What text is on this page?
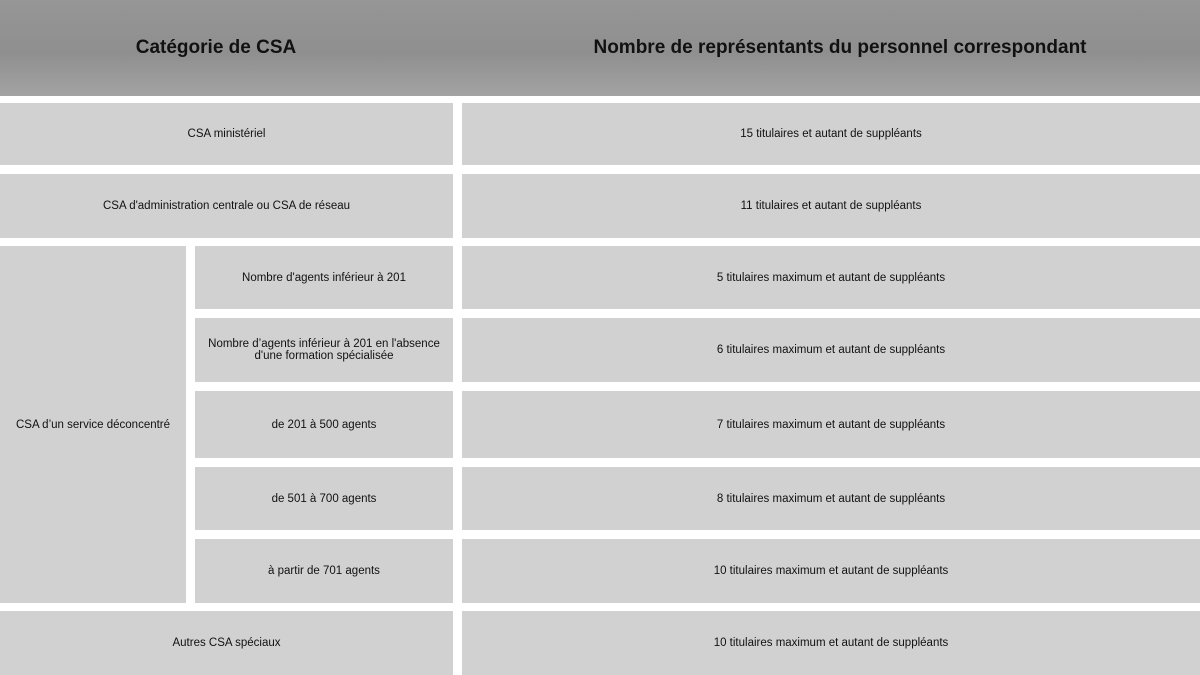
Catégorie de CSA	Nombre de représentants du personnel correspondant
CSA ministériel	15 titulaires et autant de suppléants
CSA d'administration centrale ou CSA de réseau	11 titulaires et autant de suppléants
CSA d’un service déconcentré
Nombre d'agents inférieur à 201	5 titulaires maximum et autant de suppléants
Nombre d’agents inférieur à 201 en l'absence d'une formation spécialisée	6 titulaires maximum et autant de suppléants
de 201 à 500 agents	7 titulaires maximum et autant de suppléants
de 501 à 700 agents	8 titulaires maximum et autant de suppléants
à partir de 701 agents	10 titulaires maximum et autant de suppléants
Autres CSA spéciaux	10 titulaires maximum et autant de suppléants
